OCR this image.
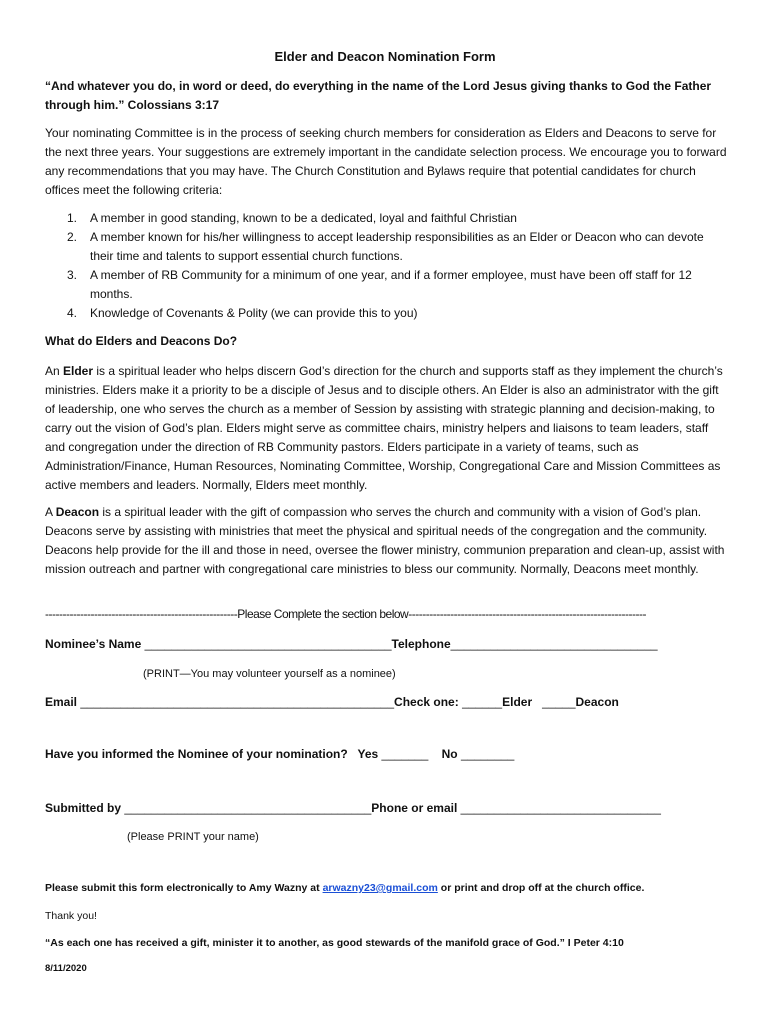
Elder and Deacon Nomination Form
“And whatever you do, in word or deed, do everything in the name of the Lord Jesus giving thanks to God the Father through him.” Colossians 3:17
Your nominating Committee is in the process of seeking church members for consideration as Elders and Deacons to serve for the next three years. Your suggestions are extremely important in the candidate selection process. We encourage you to forward any recommendations that you may have. The Church Constitution and Bylaws require that potential candidates for church offices meet the following criteria:
1. A member in good standing, known to be a dedicated, loyal and faithful Christian
2. A member known for his/her willingness to accept leadership responsibilities as an Elder or Deacon who can devote their time and talents to support essential church functions.
3. A member of RB Community for a minimum of one year, and if a former employee, must have been off staff for 12 months.
4. Knowledge of Covenants & Polity (we can provide this to you)
What do Elders and Deacons Do?
An Elder is a spiritual leader who helps discern God’s direction for the church and supports staff as they implement the church’s ministries. Elders make it a priority to be a disciple of Jesus and to disciple others. An Elder is also an administrator with the gift of leadership, one who serves the church as a member of Session by assisting with strategic planning and decision-making, to carry out the vision of God’s plan. Elders might serve as committee chairs, ministry helpers and liaisons to team leaders, staff and congregation under the direction of RB Community pastors. Elders participate in a variety of teams, such as Administration/Finance, Human Resources, Nominating Committee, Worship, Congregational Care and Mission Committees as active members and leaders. Normally, Elders meet monthly.
A Deacon is a spiritual leader with the gift of compassion who serves the church and community with a vision of God’s plan. Deacons serve by assisting with ministries that meet the physical and spiritual needs of the congregation and the community. Deacons help provide for the ill and those in need, oversee the flower ministry, communion preparation and clean-up, assist with mission outreach and partner with congregational care ministries to bless our community. Normally, Deacons meet monthly.
-------------------------------------------------------Please Complete the section below--------------------------------------------------------------------
Nominee’s Name _____________________________________Telephone_______________________________
(PRINT—You may volunteer yourself as a nominee)
Email _______________________________________________Check one: ______Elder _____Deacon
Have you informed the Nominee of your nomination? Yes _______ No ________
Submitted by _____________________________________Phone or email ______________________________
(Please PRINT your name)
Please submit this form electronically to Amy Wazny at arwazny23@gmail.com or print and drop off at the church office.
Thank you!
“As each one has received a gift, minister it to another, as good stewards of the manifold grace of God.” I Peter 4:10
8/11/2020
